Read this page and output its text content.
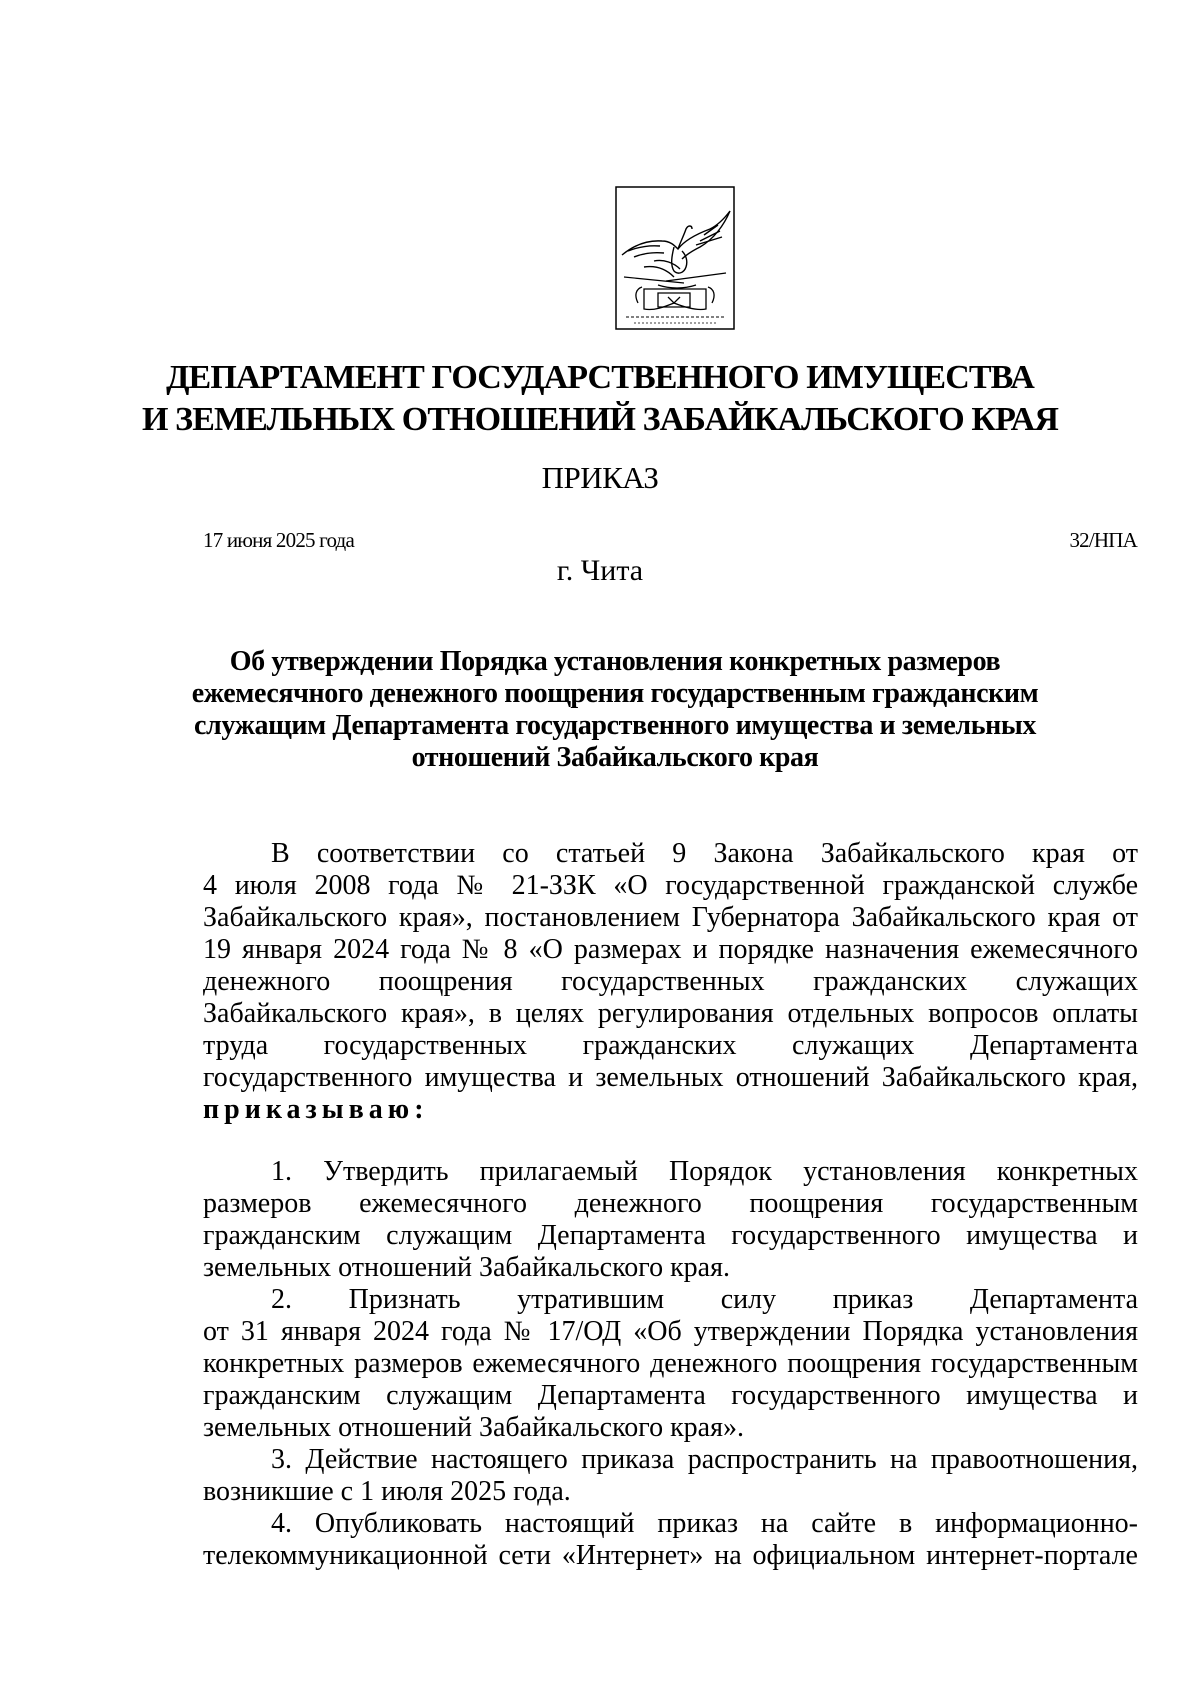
ДЕПАРТАМЕНТ ГОСУДАРСТВЕННОГО ИМУЩЕСТВА
И ЗЕМЕЛЬНЫХ ОТНОШЕНИЙ ЗАБАЙКАЛЬСКОГО КРАЯ
ПРИКАЗ
17 июня 2025 года	32/НПА
г. Чита
Об утверждении Порядка установления конкретных размеров
ежемесячного денежного поощрения государственным гражданским
служащим Департамента государственного имущества и земельных
отношений Забайкальского края
В соответствии со статьей 9 Закона Забайкальского края от
4 июля 2008 года № 21-ЗЗК «О государственной гражданской службе
Забайкальского края», постановлением Губернатора Забайкальского края от
19 января 2024 года № 8 «О размерах и порядке назначения ежемесячного
денежного поощрения государственных гражданских служащих
Забайкальского края», в целях регулирования отдельных вопросов оплаты
труда государственных гражданских служащих Департамента
государственного имущества и земельных отношений Забайкальского края,
приказываю:
1. Утвердить прилагаемый Порядок установления конкретных
размеров ежемесячного денежного поощрения государственным
гражданским служащим Департамента государственного имущества и
земельных отношений Забайкальского края.
2. Признать утратившим силу приказ Департамента
от 31 января 2024 года № 17/ОД «Об утверждении Порядка установления
конкретных размеров ежемесячного денежного поощрения государственным
гражданским служащим Департамента государственного имущества и
земельных отношений Забайкальского края».
3. Действие настоящего приказа распространить на правоотношения,
возникшие с 1 июля 2025 года.
4. Опубликовать настоящий приказ на сайте в информационно-
телекоммуникационной сети «Интернет» на официальном интернет-портале
